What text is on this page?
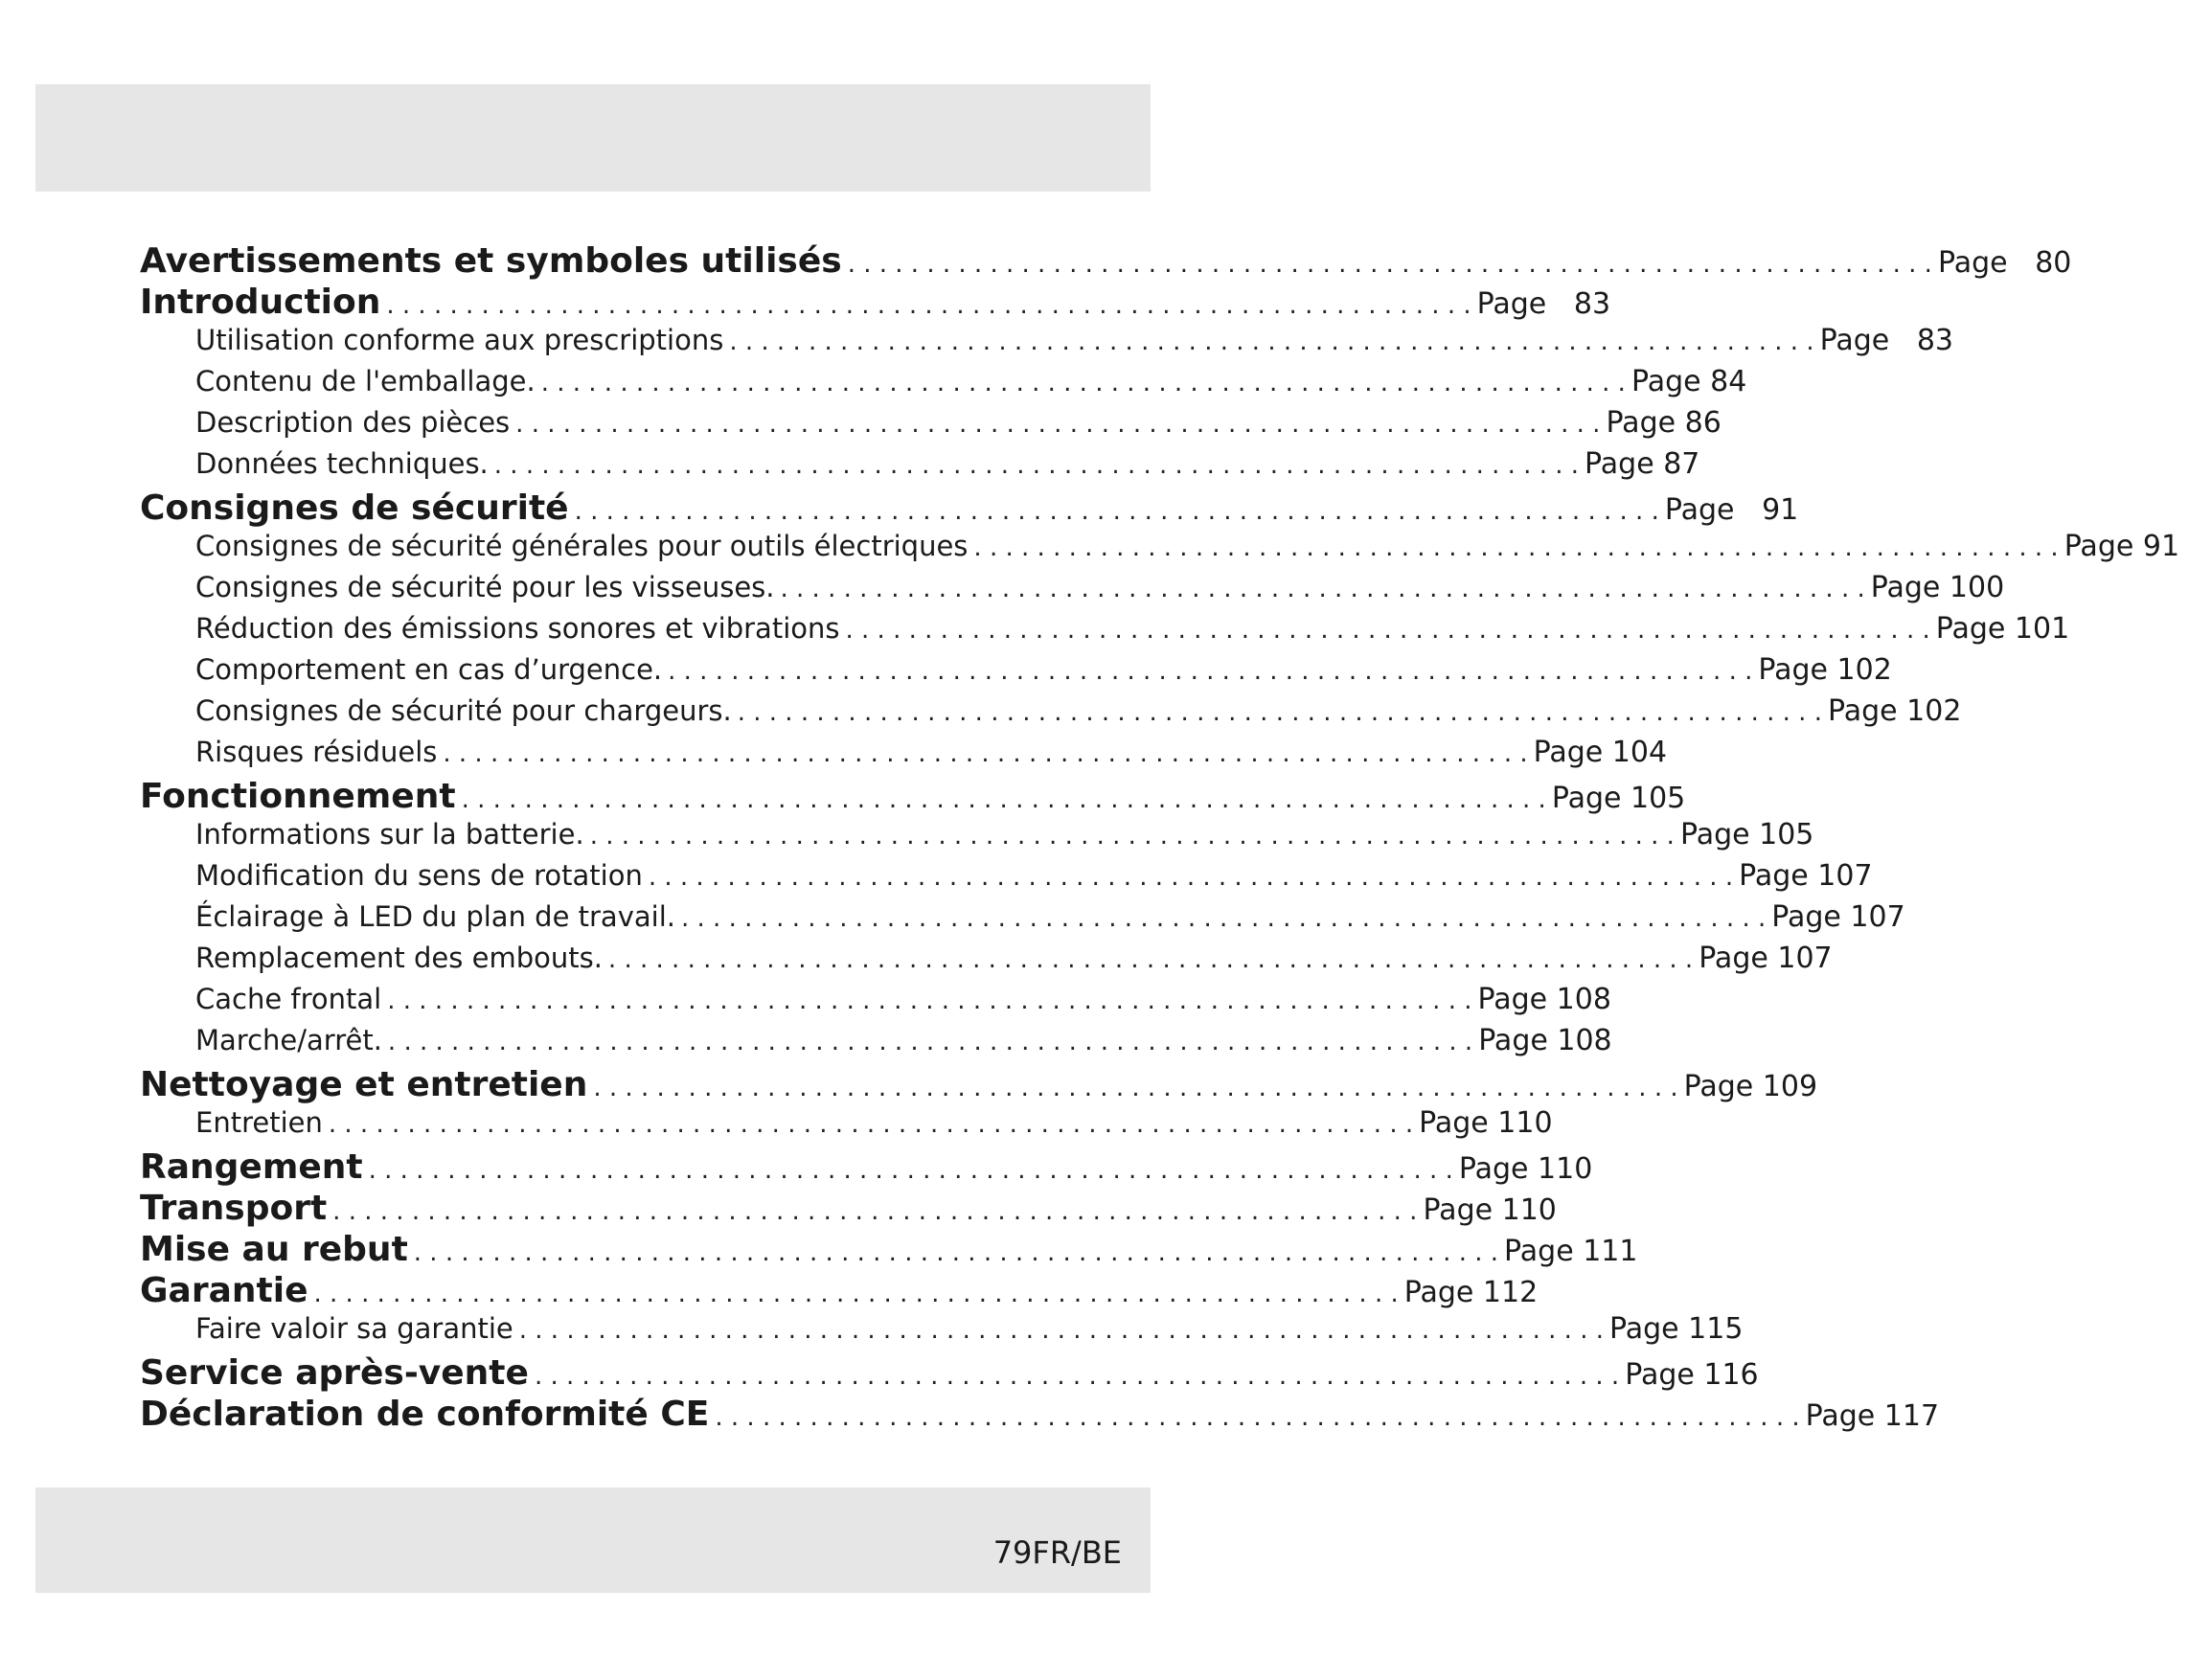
Avertissements et symboles utilisés . . .	Page   80
Introduction . . .	Page   83
Utilisation conforme aux prescriptions . . .	Page   83
Contenu de l'emballage. . . .	Page 84
Description des pièces . . .	Page 86
Données techniques. . . .	Page 87
Consignes de sécurité . . .	Page   91
Consignes de sécurité générales pour outils électriques . . .	Page 91
Consignes de sécurité pour les visseuses. . . .	Page 100
Réduction des émissions sonores et vibrations . . .	Page 101
Comportement en cas d’urgence. . . .	Page 102
Consignes de sécurité pour chargeurs. . . .	Page 102
Risques résiduels . . .	Page 104
Fonctionnement . . .	Page 105
Informations sur la batterie. . . .	Page 105
Modification du sens de rotation . . .	Page 107
Éclairage à LED du plan de travail. . . .	Page 107
Remplacement des embouts. . . .	Page 107
Cache frontal . . .	Page 108
Marche/arrêt. . . .	Page 108
Nettoyage et entretien . . .	Page 109
Entretien . . .	Page 110
Rangement . . .	Page 110
Transport . . .	Page 110
Mise au rebut . . .	Page 111
Garantie . . .	Page 112
Faire valoir sa garantie . . .	Page 115
Service après-vente . . .	Page 116
Déclaration de conformité CE . . .	Page 117
79FR/BE
